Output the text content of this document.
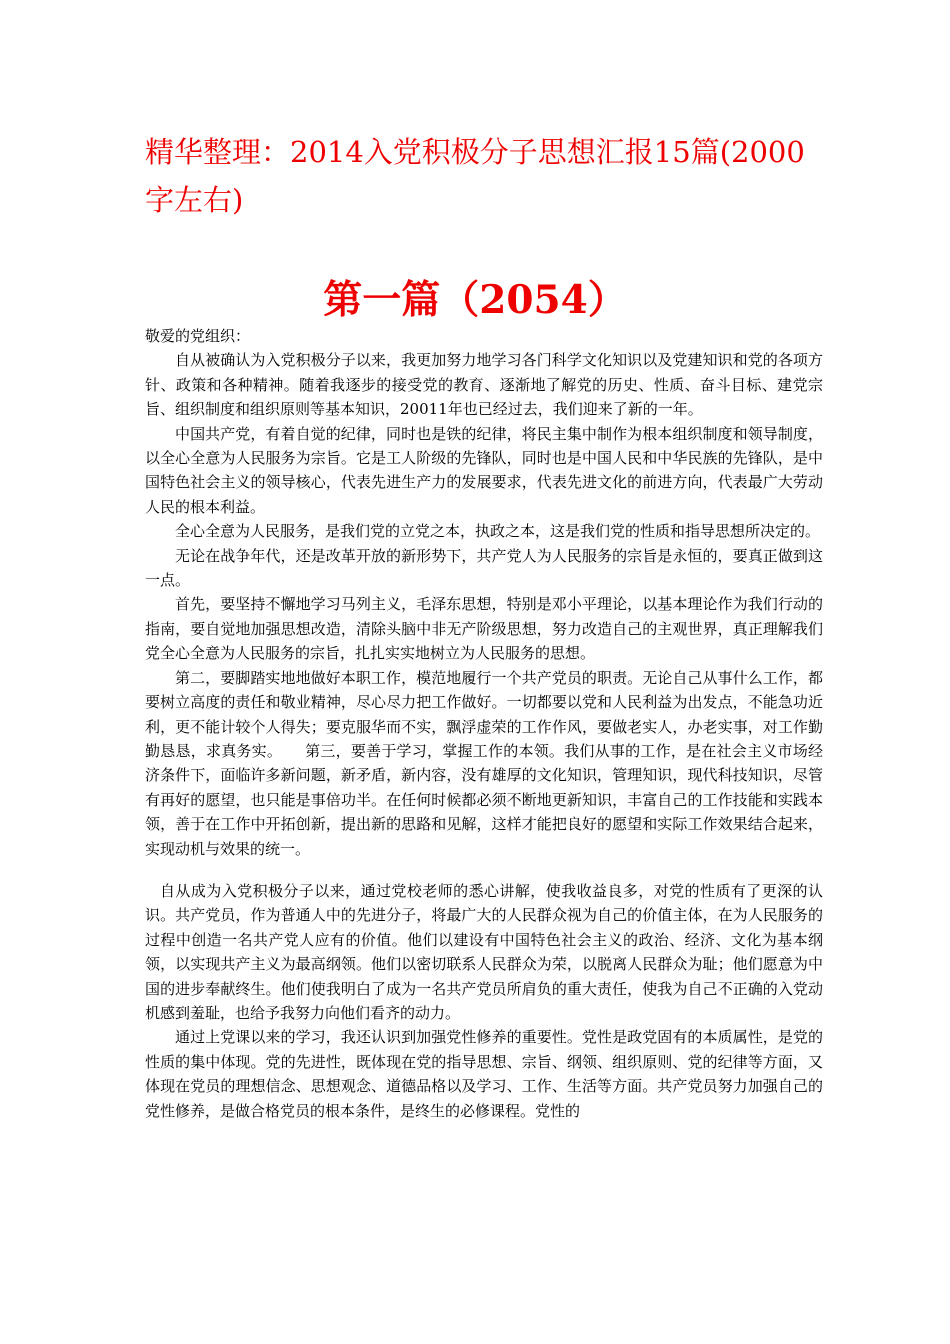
精华整理：2014入党积极分子思想汇报15篇(2000字左右)
第一篇（2054）

敬爱的党组织：

自从被确认为入党积极分子以来，我更加努力地学习各门科学文化知识以及党建知识和党的各项方针、政策和各种精神。随着我逐步的接受党的教育、逐渐地了解党的历史、性质、奋斗目标、建党宗旨、组织制度和组织原则等基本知识，20011年也已经过去，我们迎来了新的一年。

中国共产党，有着自觉的纪律，同时也是铁的纪律，将民主集中制作为根本组织制度和领导制度，以全心全意为人民服务为宗旨。它是工人阶级的先锋队，同时也是中国人民和中华民族的先锋队，是中国特色社会主义的领导核心，代表先进生产力的发展要求，代表先进文化的前进方向，代表最广大劳动人民的根本利益。

全心全意为人民服务，是我们党的立党之本，执政之本，这是我们党的性质和指导思想所决定的。

无论在战争年代，还是改革开放的新形势下，共产党人为人民服务的宗旨是永恒的，要真正做到这一点。

首先，要坚持不懈地学习马列主义，毛泽东思想，特别是邓小平理论，以基本理论作为我们行动的指南，要自觉地加强思想改造，清除头脑中非无产阶级思想，努力改造自己的主观世界，真正理解我们党全心全意为人民服务的宗旨，扎扎实实地树立为人民服务的思想。

第二，要脚踏实地地做好本职工作，模范地履行一个共产党员的职责。无论自己从事什么工作，都要树立高度的责任和敬业精神，尽心尽力把工作做好。一切都要以党和人民利益为出发点，不能急功近利，更不能计较个人得失；要克服华而不实，飘浮虚荣的工作作风，要做老实人，办老实事，对工作勤勤恳恳，求真务实。　　第三，要善于学习，掌握工作的本领。我们从事的工作，是在社会主义市场经济条件下，面临许多新问题，新矛盾，新内容，没有雄厚的文化知识，管理知识，现代科技知识，尽管有再好的愿望，也只能是事倍功半。在任何时候都必须不断地更新知识，丰富自己的工作技能和实践本领，善于在工作中开拓创新，提出新的思路和见解，这样才能把良好的愿望和实际工作效果结合起来，实现动机与效果的统一。

自从成为入党积极分子以来，通过党校老师的悉心讲解，使我收益良多，对党的性质有了更深的认识。共产党员，作为普通人中的先进分子，将最广大的人民群众视为自己的价值主体，在为人民服务的过程中创造一名共产党人应有的价值。他们以建设有中国特色社会主义的政治、经济、文化为基本纲领，以实现共产主义为最高纲领。他们以密切联系人民群众为荣，以脱离人民群众为耻；他们愿意为中国的进步奉献终生。他们使我明白了成为一名共产党员所肩负的重大责任，使我为自己不正确的入党动机感到羞耻，也给予我努力向他们看齐的动力。

通过上党课以来的学习，我还认识到加强党性修养的重要性。党性是政党固有的本质属性，是党的性质的集中体现。党的先进性，既体现在党的指导思想、宗旨、纲领、组织原则、党的纪律等方面，又体现在党员的理想信念、思想观念、道德品格以及学习、工作、生活等方面。共产党员努力加强自己的党性修养，是做合格党员的根本条件，是终生的必修课程。党性的
